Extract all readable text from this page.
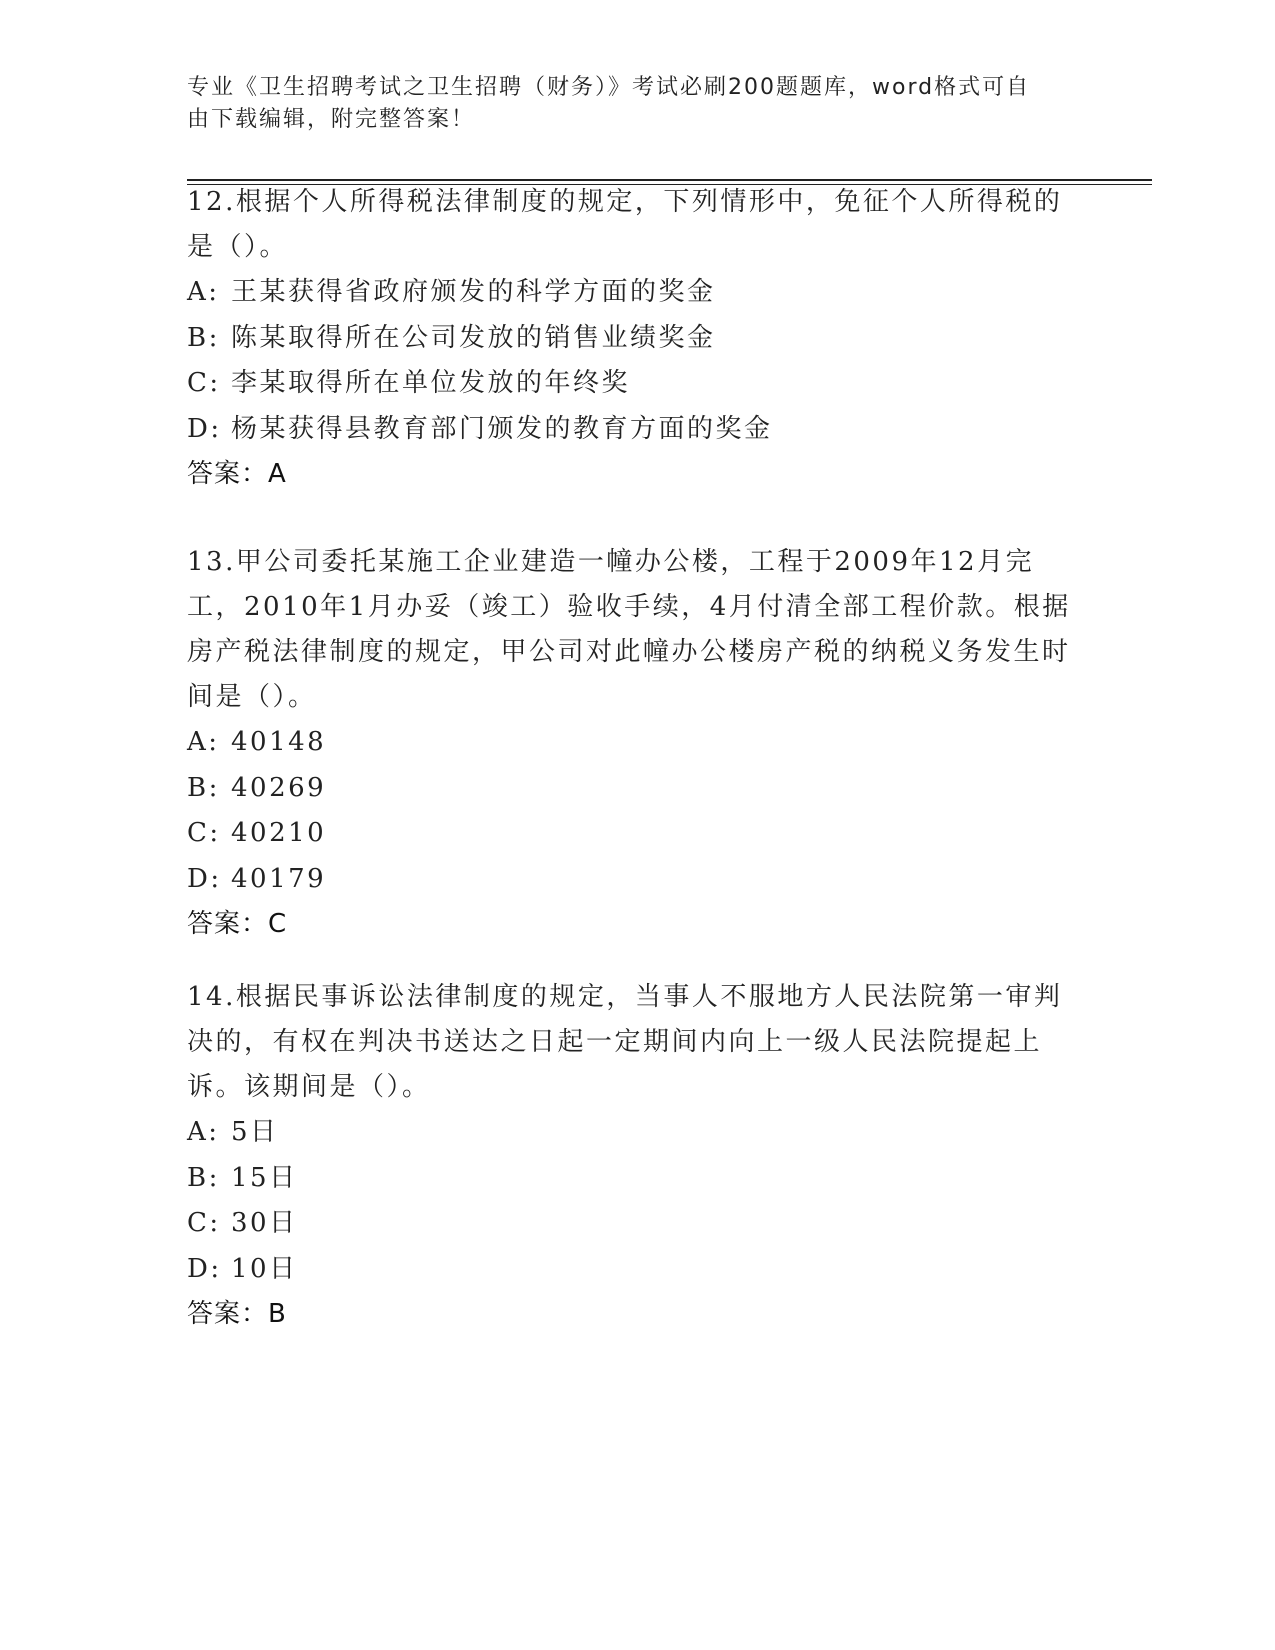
专业《卫生招聘考试之卫生招聘（财务）》考试必刷200题题库，word格式可自
由下载编辑，附完整答案！

12.根据个人所得税法律制度的规定，下列情形中，免征个人所得税的是（）。

A: 王某获得省政府颁发的科学方面的奖金

B: 陈某取得所在公司发放的销售业绩奖金

C: 李某取得所在单位发放的年终奖

D: 杨某获得县教育部门颁发的教育方面的奖金

答案：A

13.甲公司委托某施工企业建造一幢办公楼，工程于2009年12月完工，2010年1月办妥（竣工）验收手续，4月付清全部工程价款。根据房产税法律制度的规定，甲公司对此幢办公楼房产税的纳税义务发生时间是（）。

A: 40148

B: 40269

C: 40210

D: 40179

答案：C

14.根据民事诉讼法律制度的规定，当事人不服地方人民法院第一审判决的，有权在判决书送达之日起一定期间内向上一级人民法院提起上诉。该期间是（）。

A: 5日

B: 15日

C: 30日

D: 10日

答案：B
